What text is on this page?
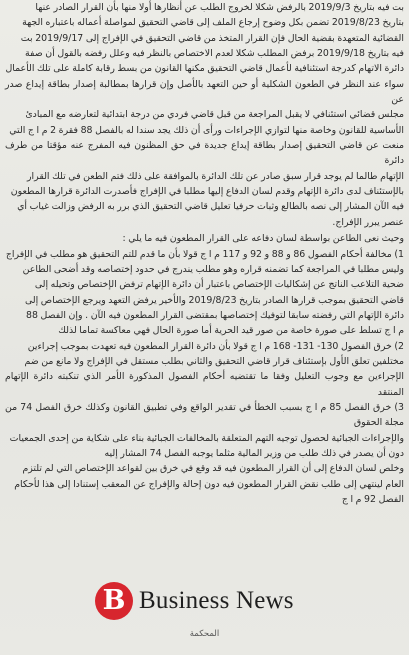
بت فيه بتاريخ 2019/9/3 بالرفض شكلا لخروج الطلب عن أنظارها أولا منها بأن القرار الصادر عنها

بتاريخ 2019/8/23 تضمن بكل وضوح إرجاع الملف إلى قاضي التحقيق لمواصلة أعماله باعتباره الجهة

القضائية المتعهدة بقضية الحال فإن القرار المتخذ من قاضي التحقيق في الإفراج إلى 2019/9/17 بت

فيه بتاريخ 2019/9/18 برفض المطلب شكلا لعدم الاختصاص بالنظر فيه وعلل رفضه بالقول أن صفة

دائرة الاتهام كدرجة استئنافية لأعمال قاضي التحقيق مكنها القانون من بسط رقابة كاملة على تلك الأعمال

سواء عند النظر في الطعون الشكلية أو حين التعهد بالأصل وإن قرارها بمطالبة إصدار بطاقة إيداع صدر عن

مجلس قضائي استئنافي لا يقبل المراجعة من قبل قاضي فردي من درجة ابتدائية لتعارضه مع المبادئ

الأساسية للقانون وخاصة منها لتوازي الإجراءات ورأى أن ذلك يجد سندا له بالفصل 88 فقرة 2 م ا ج التي

منعت عن قاضي التحقيق إصدار بطاقة إيداع جديدة في حق المظنون فيه المفرج عنه مؤقتا من طرف دائرة

الإتهام طالما لم يوجد قرار سبق صادر عن تلك الدائرة بالموافقة على ذلك فتم الطعن في تلك القرار

بالإستئناف لدى دائرة الإتهام وقدم لسان الدفاع إليها مطلبا في الإفراج فأصدرت الدائرة قرارها المطعون

فيه الآن المشار إلى نصه بالطالع وثبات حرفيا تعليل قاضي التحقيق الذي برر به الرفض وزالت غياب أي

عنصر يبرر الإفراج.

وحيث نعى الطاعن بواسطة لسان دفاعه على القرار المطعون فيه ما يلي :

1) مخالفة أحكام الفصول 86 و 88 و 92 و 117 م ا ج قولا بأن ما قدم للتم التحقيق هو مطلب في الإفراج

وليس مطلبا في المراجعة كما تضمنه قراره وهو مطلب يندرج في حدود إختصاصه وقد أضحى الطاعن

ضحية التلاعب الناتج عن إشكاليات الإختصاص باعتبار أن دائرة الإتهام ترفض الإختصاص وتحيله إلى

قاضي التحقيق بموجب قرارها الصادر بتاريخ 2019/8/23 والأخير يرفض التعهد ويرجع الإختصاص إلى

دائرة الإتهام التي رفضته سابقا لتوفيك إختصاصها بمقتضى القرار المطعون فيه الآن . وإن الفصل 88

م ا ج تسلط على صورة خاصة من صور قيد الحرية أما صورة الحال فهي معاكسة تماما لذلك

2) خرق الفصول 130- 131- 168 م ا ج قولا بأن دائرة القرار المطعون فيه تعهدت بموجب إجراءين

مختلفين تعلق الأول بإستئناف قرار قاضي التحقيق والثاني بطلب مستقل في الإفراج ولا مانع من ضم

الإجراءين مع وجوب التعليل وفقا ما تقتضيه أحكام الفصول المذكورة الأمر الذي تنكبته دائرة الإتهام المنتقد

3) خرق الفصل 85 م ا ج بسبب الخطأ في تقدير الواقع وفي تطبيق القانون وكذلك خرق الفصل 74 من مجلة الحقوق

والإجراءات الجبائية لحصول توجيه التهم المتعلقة بالمخالفات الجبائية بناء على شكاية من إحدى الجمعيات

دون أن يصدر في ذلك طلب من وزير المالية مثلما يوجبه الفصل 74 المشار إليه

وخلص لسان الدفاع إلى أن القرار المطعون فيه قد وقع في خرق بين لقواعد الإختصاص التي لم تلتزم

العام لينتهي إلى طلب نقض القرار المطعون فيه دون إحالة والإفراج عن المعقب إستنادا إلى هذا لأحكام

الفصل 92 م ا ج

B Business News
المحكمة
